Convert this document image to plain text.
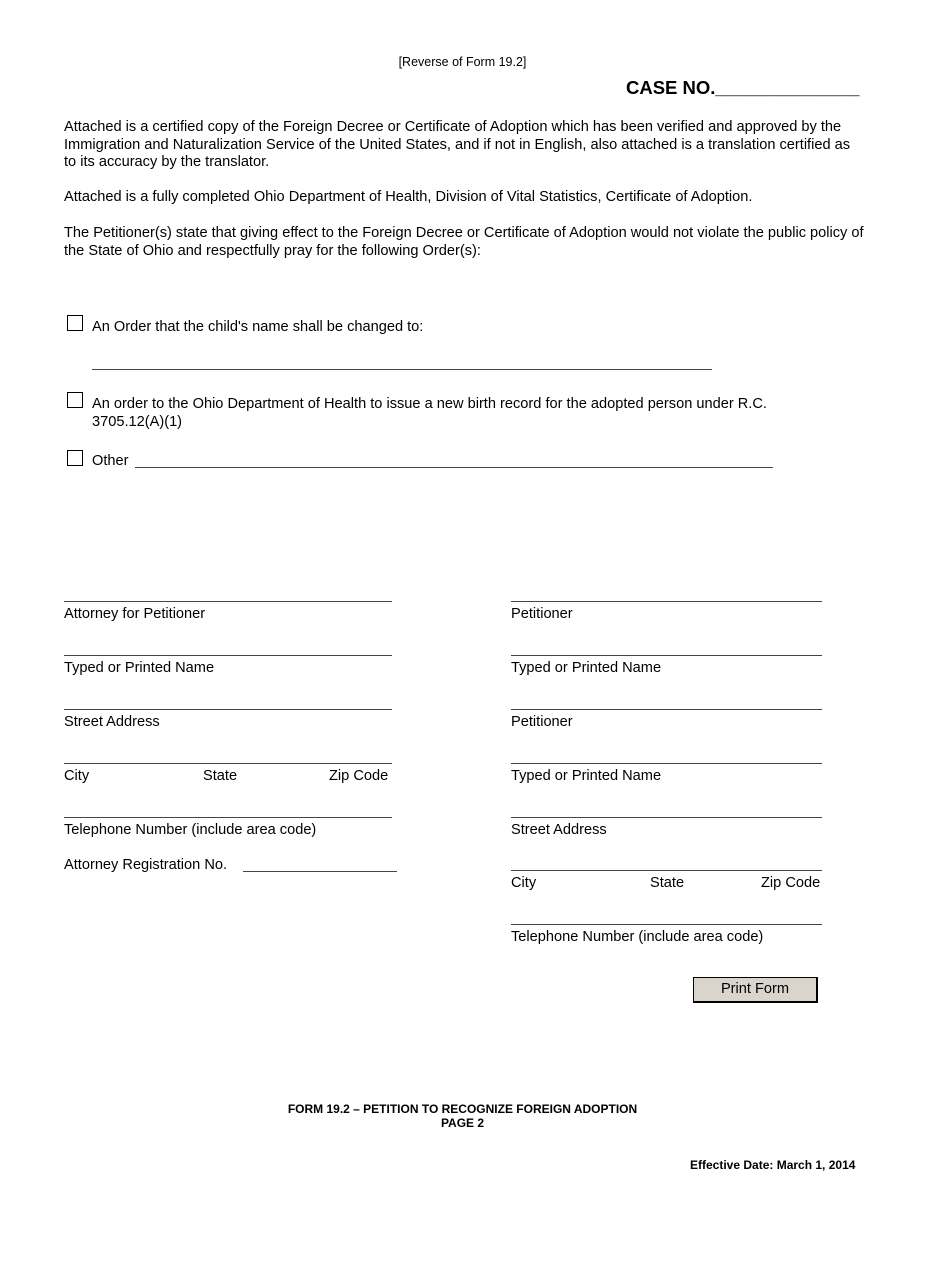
[Reverse of Form 19.2]
CASE NO.______________
Attached is a certified copy of the Foreign Decree or Certificate of Adoption which has been verified and approved by the Immigration and Naturalization Service of the United States, and if not in English, also attached is a translation certified as to its accuracy by the translator.
Attached is a fully completed Ohio Department of Health, Division of Vital Statistics, Certificate of Adoption.
The Petitioner(s) state that giving effect to the Foreign Decree or Certificate of Adoption would not violate the public policy of the State of Ohio and respectfully pray for the following Order(s):
An Order that the child's name shall be changed to:
An order to the Ohio Department of Health to issue a new birth record for the adopted person under R.C. 3705.12(A)(1)
Other
Attorney for Petitioner
Typed or Printed Name
Street Address
City	State	Zip Code
Telephone Number (include area code)
Attorney Registration No.
Petitioner
Typed or Printed Name
Petitioner
Typed or Printed Name
Street Address
City	State	Zip Code
Telephone Number (include area code)
Print Form
FORM 19.2 – PETITION TO RECOGNIZE FOREIGN ADOPTION
PAGE 2
Effective Date: March 1, 2014
